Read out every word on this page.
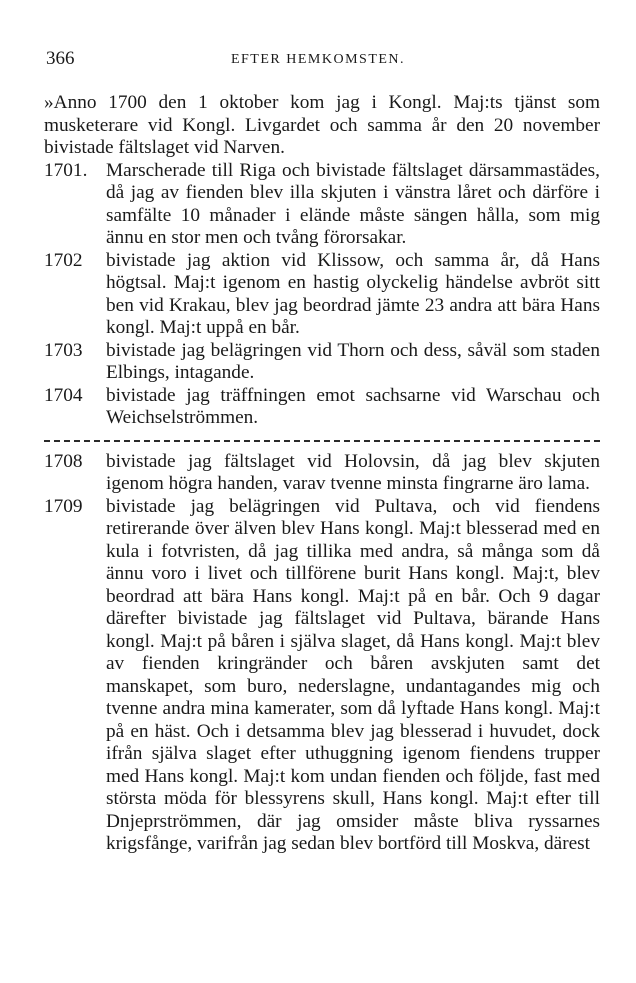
366	EFTER HEMKOMSTEN.

»Anno 1700 den 1 oktober kom jag i Kongl. Maj:ts tjänst som musketerare vid Kongl. Livgardet och samma år den 20 november bivistade fältslaget vid Narven.

1701. Marscherade till Riga och bivistade fältslaget därsammastädes, då jag av fienden blev illa skjuten i vänstra låret och därföre i samfälte 10 månader i elände måste sängen hålla, som mig ännu en stor men och tvång förorsakar.
1702	bivistade jag aktion vid Klissow, och samma år, då Hans högtsal. Maj:t igenom en hastig olyckelig händelse avbröt sitt ben vid Krakau, blev jag beordrad jämte 23 andra att bära Hans kongl. Maj:t uppå en bår.
1703	bivistade jag belägringen vid Thorn och dess, såväl som staden Elbings, intagande.
1704	bivistade jag träffningen emot sachsarne vid Warschau och Weichselströmmen.
1708	bivistade jag fältslaget vid Holovsin, då jag blev skjuten igenom högra handen, varav tvenne minsta fingrarne äro lama.
1709	bivistade jag belägringen vid Pultava, och vid fiendens retirerande över älven blev Hans kongl. Maj:t blesserad med en kula i fotvristen, då jag tillika med andra, så många som då ännu voro i livet och tillförene burit Hans kongl. Maj:t, blev beordrad att bära Hans kongl. Maj:t på en bår. Och 9 dagar därefter bivistade jag fältslaget vid Pultava, bärande Hans kongl. Maj:t på båren i själva slaget, då Hans kongl. Maj:t blev av fienden kringränder och båren avskjuten samt det manskapet, som buro, nederslagne, undantagandes mig och tvenne andra mina kamerater, som då lyftade Hans kongl. Maj:t på en häst. Och i detsamma blev jag blesserad i huvudet, dock ifrån själva slaget efter uthuggning igenom fiendens trupper med Hans kongl. Maj:t kom undan fienden och följde, fast med största möda för blessyrens skull, Hans kongl. Maj:t efter till Dnjeprströmmen, där jag omsider måste bliva ryssarnes krigsfånge, varifrån jag sedan blev bortförd till Moskva, därest
